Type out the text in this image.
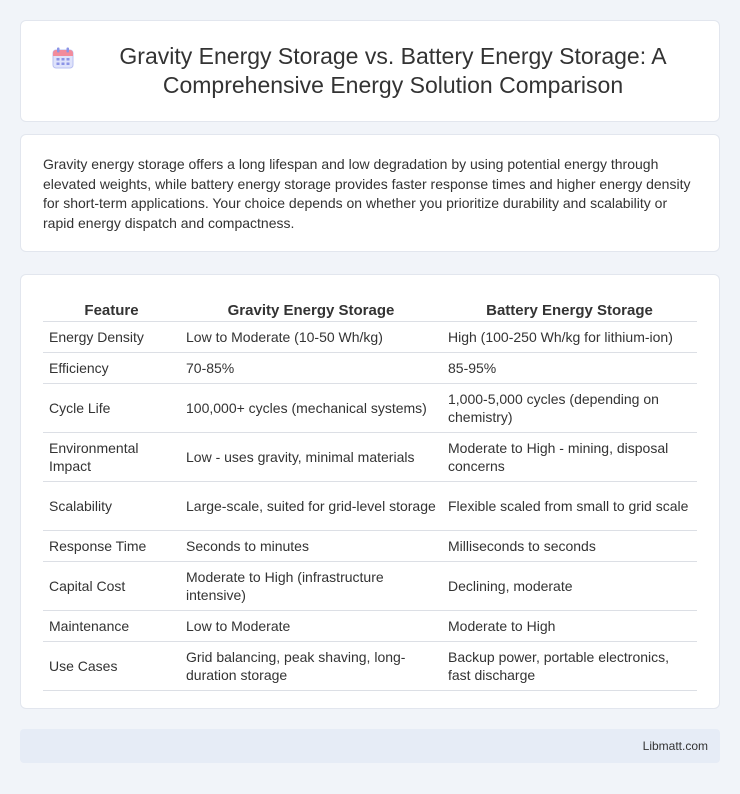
Gravity Energy Storage vs. Battery Energy Storage: A Comprehensive Energy Solution Comparison

Gravity energy storage offers a long lifespan and low degradation by using potential energy through elevated weights, while battery energy storage provides faster response times and higher energy density for short-term applications. Your choice depends on whether you prioritize durability and scalability or rapid energy dispatch and compactness.

Feature	Gravity Energy Storage	Battery Energy Storage
Energy Density	Low to Moderate (10-50 Wh/kg)	High (100-250 Wh/kg for lithium-ion)
Efficiency	70-85%	85-95%
Cycle Life	100,000+ cycles (mechanical systems)	1,000-5,000 cycles (depending on chemistry)
Environmental Impact	Low - uses gravity, minimal materials	Moderate to High - mining, disposal concerns
Scalability	Large-scale, suited for grid-level storage	Flexible scaled from small to grid scale
Response Time	Seconds to minutes	Milliseconds to seconds
Capital Cost	Moderate to High (infrastructure intensive)	Declining, moderate
Maintenance	Low to Moderate	Moderate to High
Use Cases	Grid balancing, peak shaving, long-duration storage	Backup power, portable electronics, fast discharge
Libmatt.com
